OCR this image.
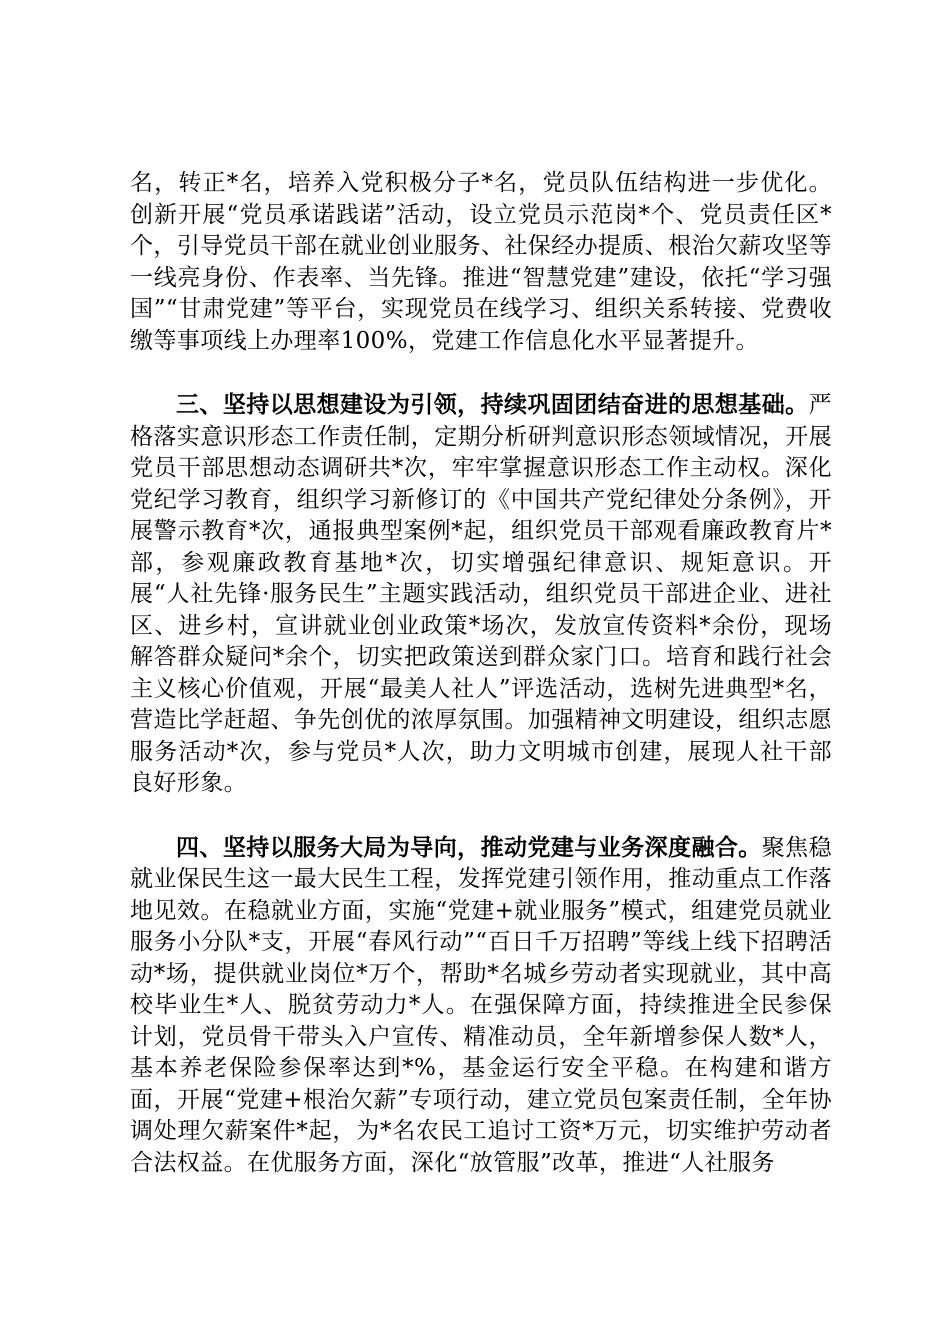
名，转正*名，培养入党积极分子*名，党员队伍结构进一步优化。创新开展“党员承诺践诺”活动，设立党员示范岗*个、党员责任区*个，引导党员干部在就业创业服务、社保经办提质、根治欠薪攻坚等一线亮身份、作表率、当先锋。推进“智慧党建”建设，依托“学习强国”“甘肃党建”等平台，实现党员在线学习、组织关系转接、党费收缴等事项线上办理率100%，党建工作信息化水平显著提升。

三、坚持以思想建设为引领，持续巩固团结奋进的思想基础。严格落实意识形态工作责任制，定期分析研判意识形态领域情况，开展党员干部思想动态调研共*次，牢牢掌握意识形态工作主动权。深化党纪学习教育，组织学习新修订的《中国共产党纪律处分条例》，开展警示教育*次，通报典型案例*起，组织党员干部观看廉政教育片*部，参观廉政教育基地*次，切实增强纪律意识、规矩意识。开展“人社先锋·服务民生”主题实践活动，组织党员干部进企业、进社区、进乡村，宣讲就业创业政策*场次，发放宣传资料*余份，现场解答群众疑问*余个，切实把政策送到群众家门口。培育和践行社会主义核心价值观，开展“最美人社人”评选活动，选树先进典型*名，营造比学赶超、争先创优的浓厚氛围。加强精神文明建设，组织志愿服务活动*次，参与党员*人次，助力文明城市创建，展现人社干部良好形象。

四、坚持以服务大局为导向，推动党建与业务深度融合。聚焦稳就业保民生这一最大民生工程，发挥党建引领作用，推动重点工作落地见效。在稳就业方面，实施“党建+就业服务”模式，组建党员就业服务小分队*支，开展“春风行动”“百日千万招聘”等线上线下招聘活动*场，提供就业岗位*万个，帮助*名城乡劳动者实现就业，其中高校毕业生*人、脱贫劳动力*人。在强保障方面，持续推进全民参保计划，党员骨干带头入户宣传、精准动员，全年新增参保人数*人，基本养老保险参保率达到*%，基金运行安全平稳。在构建和谐方面，开展“党建+根治欠薪”专项行动，建立党员包案责任制，全年协调处理欠薪案件*起，为*名农民工追讨工资*万元，切实维护劳动者合法权益。在优服务方面，深化“放管服”改革，推进“人社服务
